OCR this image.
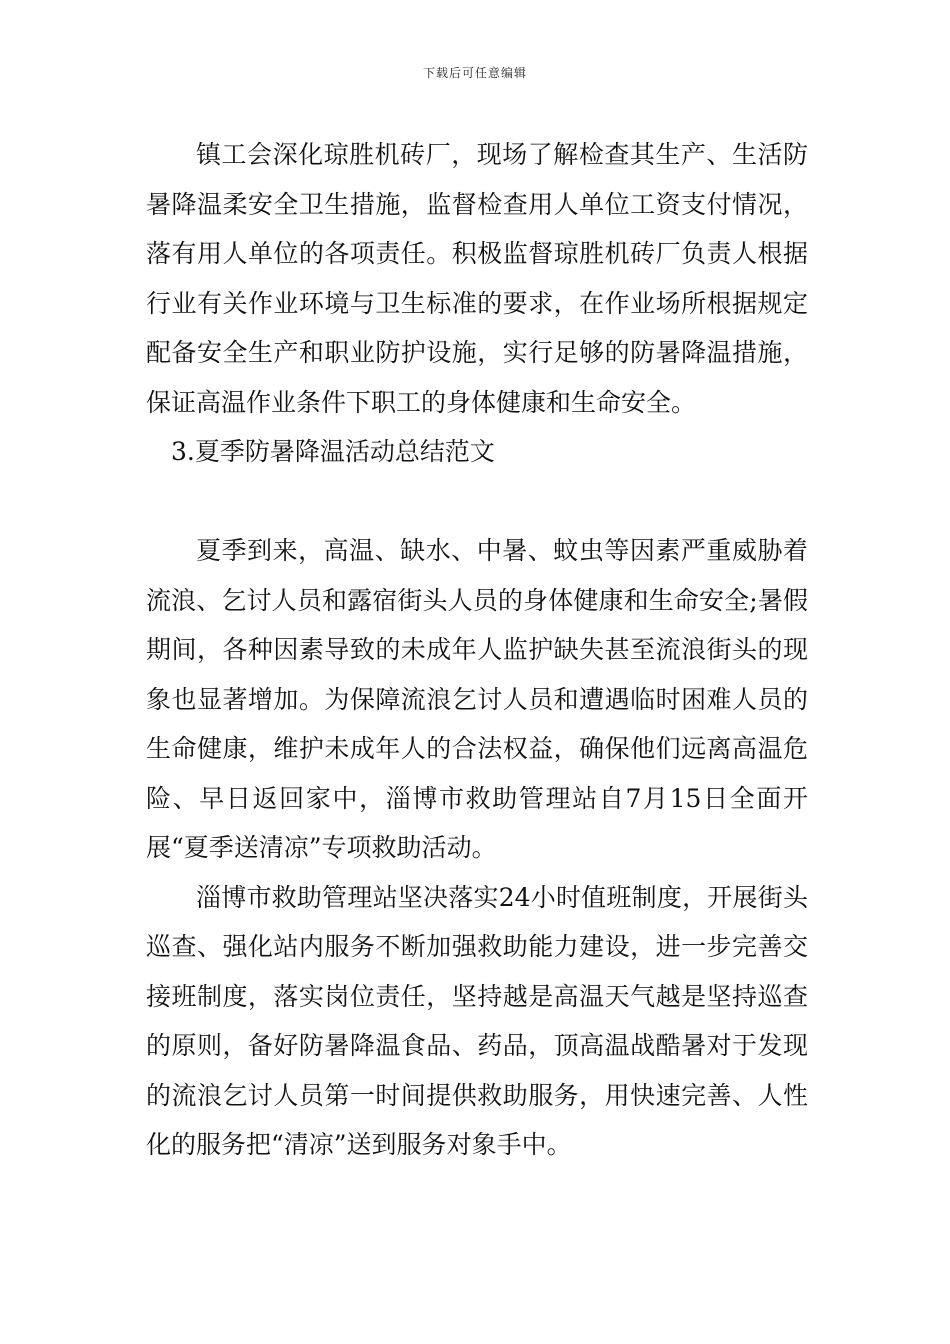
下载后可任意编辑

镇工会深化琼胜机砖厂，现场了解检查其生产、生活防暑降温柔安全卫生措施，监督检查用人单位工资支付情况，落有用人单位的各项责任。积极监督琼胜机砖厂负责人根据行业有关作业环境与卫生标准的要求，在作业场所根据规定配备安全生产和职业防护设施，实行足够的防暑降温措施，保证高温作业条件下职工的身体健康和生命安全。

3.夏季防暑降温活动总结范文

夏季到来，高温、缺水、中暑、蚊虫等因素严重威胁着流浪、乞讨人员和露宿街头人员的身体健康和生命安全;暑假期间，各种因素导致的未成年人监护缺失甚至流浪街头的现象也显著增加。为保障流浪乞讨人员和遭遇临时困难人员的生命健康，维护未成年人的合法权益，确保他们远离高温危险、早日返回家中，淄博市救助管理站自7月15日全面开展“夏季送清凉”专项救助活动。

淄博市救助管理站坚决落实24小时值班制度，开展街头巡查、强化站内服务不断加强救助能力建设，进一步完善交接班制度，落实岗位责任，坚持越是高温天气越是坚持巡查的原则，备好防暑降温食品、药品，顶高温战酷暑对于发现的流浪乞讨人员第一时间提供救助服务，用快速完善、人性化的服务把“清凉”送到服务对象手中。
